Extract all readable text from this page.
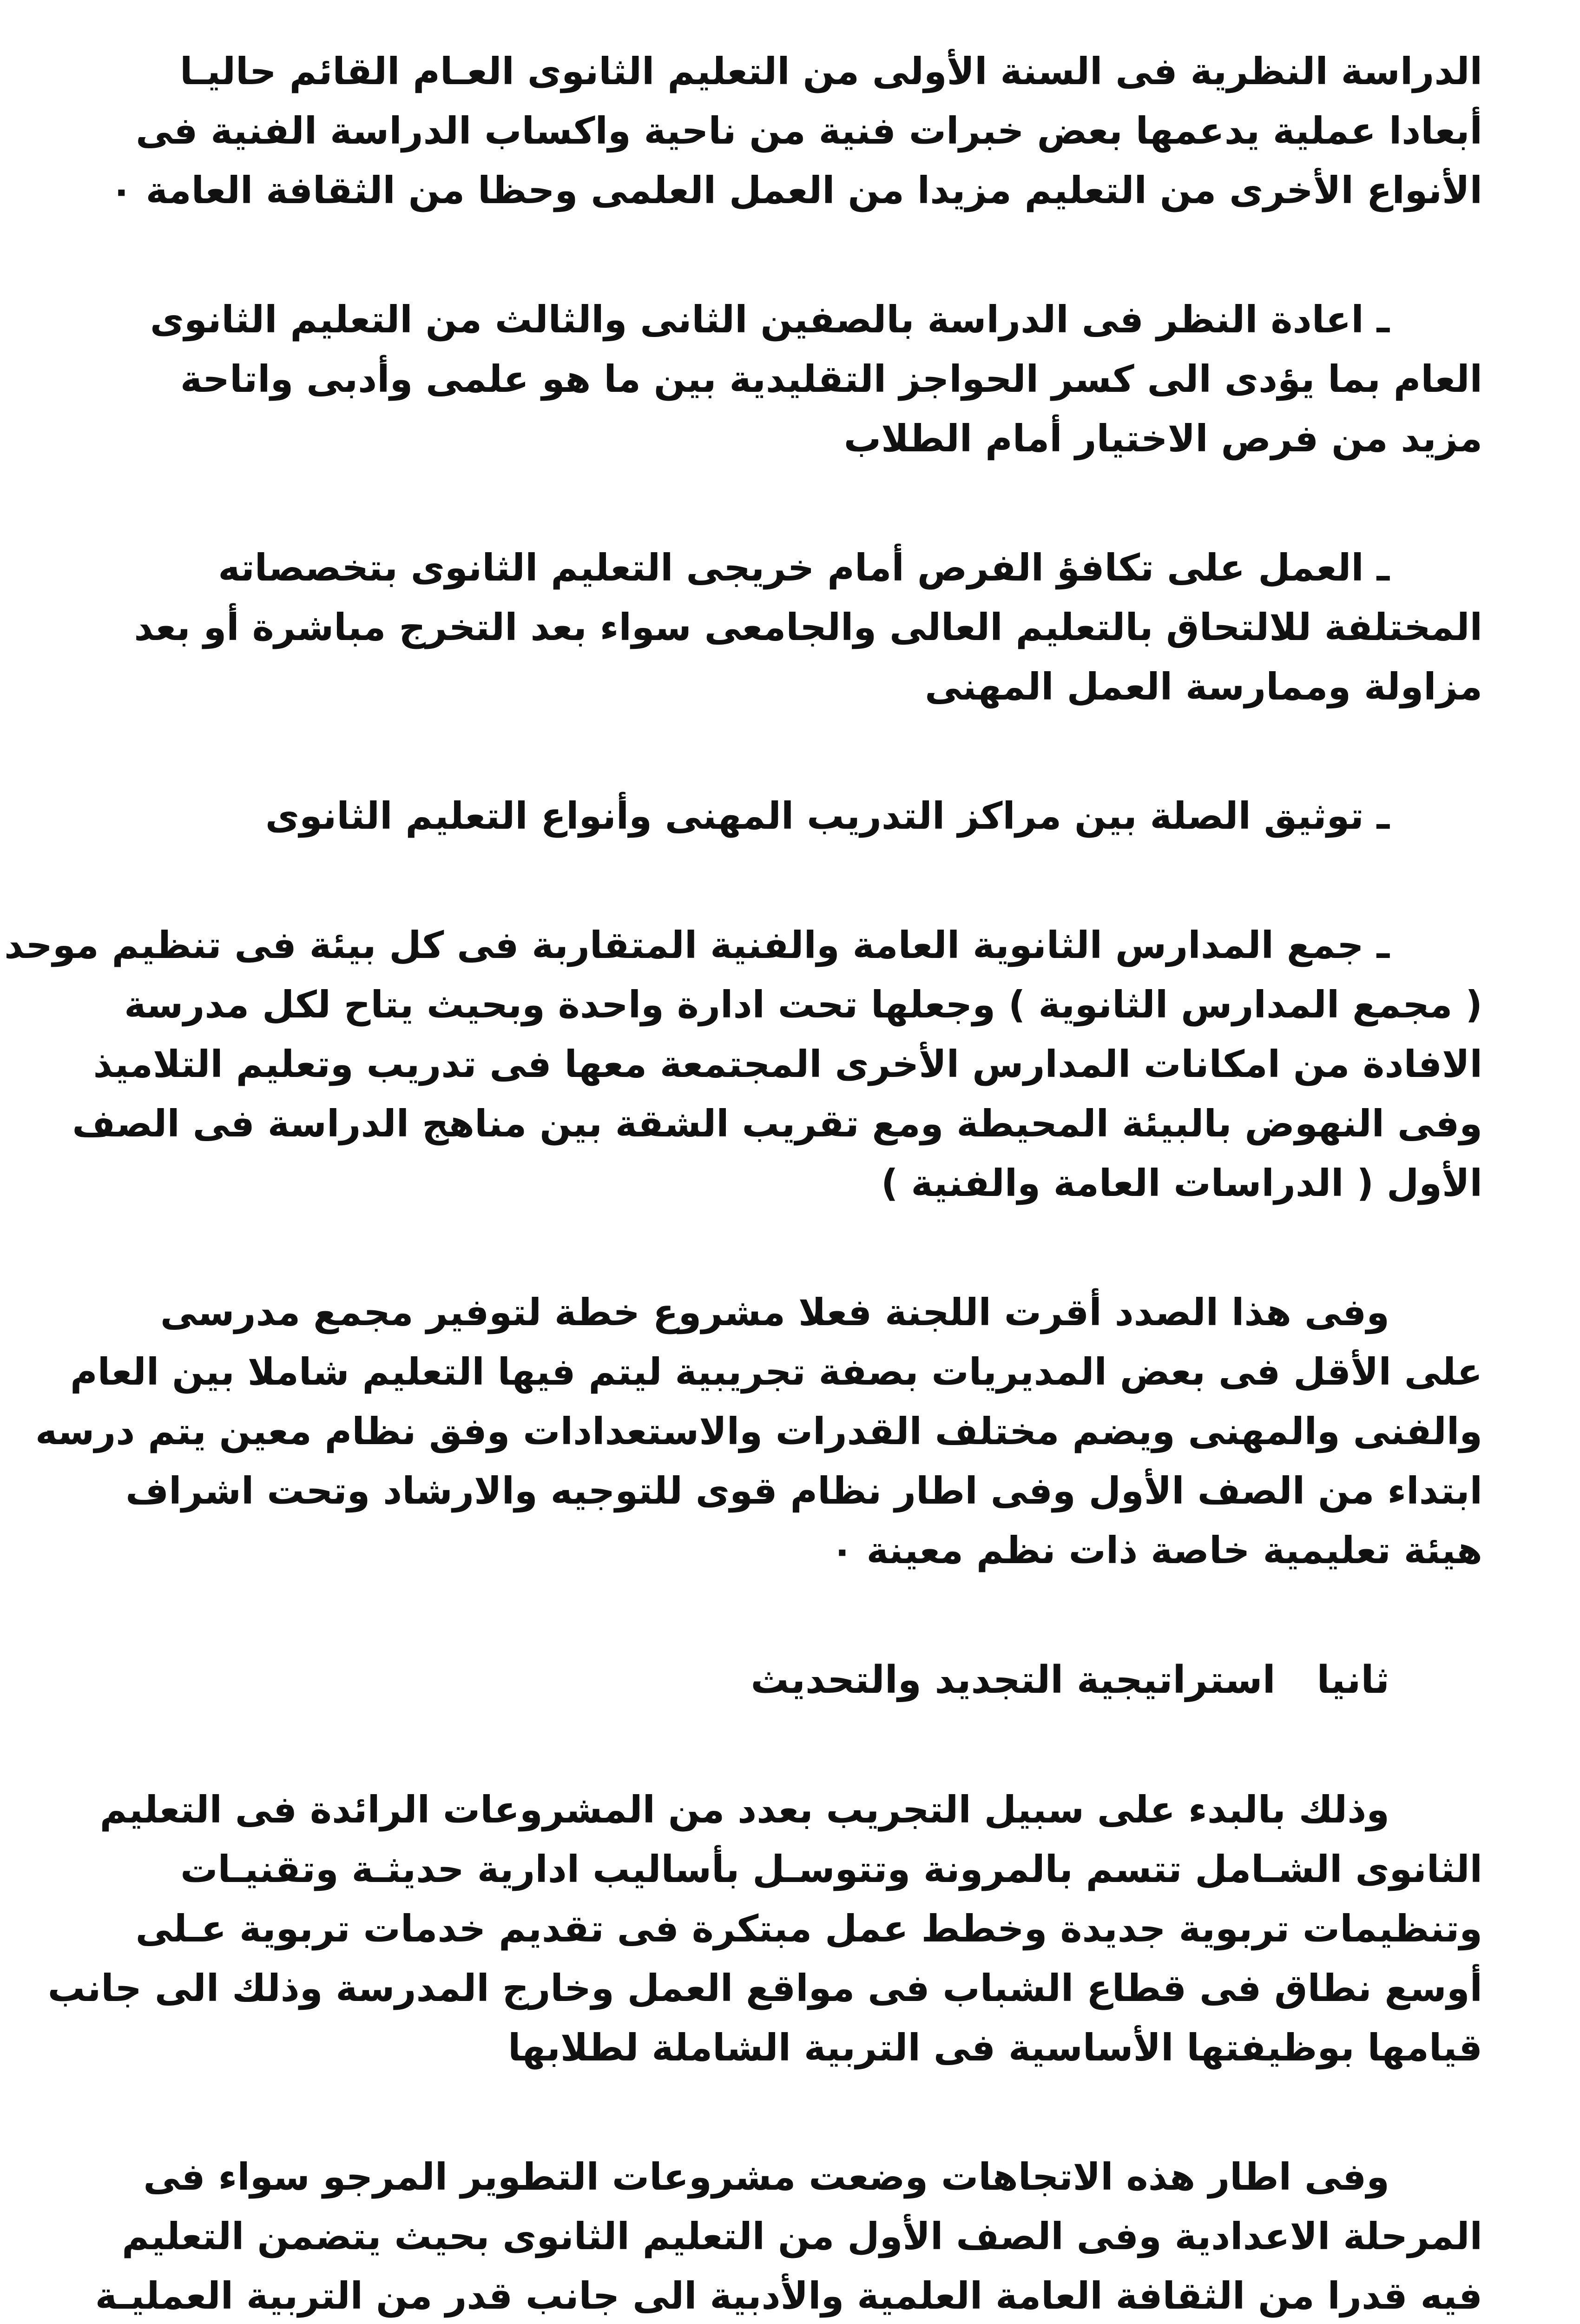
الدراسة النظرية فى السنة الأولى من التعليم الثانوى العـام القائم حاليـا
أبعادا عملية يدعمها بعض خبرات فنية من ناحية واكساب الدراسة الفنية فى
الأنواع الأخرى من التعليم مزيدا من العمل العلمى وحظا من الثقافة العامة ٠
ـ اعادة النظر فى الدراسة بالصفين الثانى والثالث من التعليم الثانوى
العام بما يؤدى الى كسر الحواجز التقليدية بين ما هو علمى وأدبى واتاحة
مزيد من فرص الاختيار أمام الطلاب
ـ العمل على تكافؤ الفرص أمام خريجى التعليم الثانوى بتخصصاته
المختلفة للالتحاق بالتعليم العالى والجامعى سواء بعد التخرج مباشرة أو بعد
مزاولة وممارسة العمل المهنى
ـ توثيق الصلة بين مراكز التدريب المهنى وأنواع التعليم الثانوى
ـ جمع المدارس الثانوية العامة والفنية المتقاربة فى كل بيئة فى تنظيم موحد
( مجمع المدارس الثانوية ) وجعلها تحت ادارة واحدة وبحيث يتاح لكل مدرسة
الافادة من امكانات المدارس الأخرى المجتمعة معها فى تدريب وتعليم التلاميذ
وفى النهوض بالبيئة المحيطة ومع تقريب الشقة بين مناهج الدراسة فى الصف
الأول ( الدراسات العامة والفنية )
وفى هذا الصدد أقرت اللجنة فعلا مشروع خطة لتوفير مجمع مدرسى
على الأقل فى بعض المديريات بصفة تجريبية ليتم فيها التعليم شاملا بين العام
والفنى والمهنى ويضم مختلف القدرات والاستعدادات وفق نظام معين يتم درسه
ابتداء من الصف الأول وفى اطار نظام قوى للتوجيه والارشاد وتحت اشراف
هيئة تعليمية خاصة ذات نظم معينة ٠
ثانيا استراتيجية التجديد والتحديث
وذلك بالبدء على سبيل التجريب بعدد من المشروعات الرائدة فى التعليم
الثانوى الشـامل تتسم بالمرونة وتتوسـل بأساليب ادارية حديثـة وتقنيـات
وتنظيمات تربوية جديدة وخطط عمل مبتكرة فى تقديم خدمات تربوية عـلى
أوسع نطاق فى قطاع الشباب فى مواقع العمل وخارج المدرسة وذلك الى جانب
قيامها بوظيفتها الأساسية فى التربية الشاملة لطلابها
وفى اطار هذه الاتجاهات وضعت مشروعات التطوير المرجو سواء فى
المرحلة الاعدادية وفى الصف الأول من التعليم الثانوى بحيث يتضمن التعليم
فيه قدرا من الثقافة العامة العلمية والأدبية الى جانب قدر من التربية العمليـة
